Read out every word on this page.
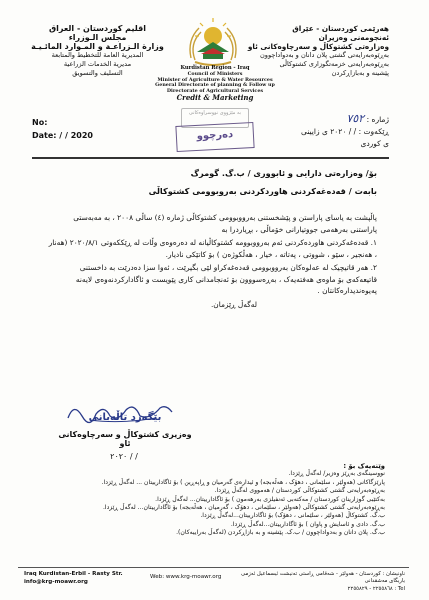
اقليم كوردستان - العراق
مجلس الـوزراء
وزارة الـزراعـة و المـوارد المائـيـة
المديرية العامة للتخطيط والمتابعة
مديرية الخدمات الزراعية
التسليف والتسويق
Kurdistan Region - Iraq
Council of Ministers
Minister of Agriculture & Water Resources
General Directorate of planning & Follow up
Directorate of Agricultural Services
Credit & Marketing
هەرێمی کوردستان - عێراق
ئەنجومەنی وەزیران
وەزارەتی کشتوکاڵ و سەرچاوەکانی ئاو
بەڕێوەبەرایەتی گشتی پلان دانان و بەدواداچوون
بەڕێوەبەرایەتی خزمەتگوزاری کشتوکاڵی
پێشینە و بەبازاڕکردن
No:
Date: / / 2020
بە مێژووی نووسراوەکانی
دەرچوو
ژمارە : ٧٥٢
ڕێکەوت : / / ٢٠٢٠ ی زایینی
ی کوردی
بۆ/ وەزارەتی دارایی و ئابووری / ب.گ. گومرگ
بابەت / قەدەغەکردنی هاوردکردنی بەروبوومی کشتوکاڵی

پاڵپشت بە یاسای پاراستن و پێشخستنی بەرووبوومی کشتوکاڵی ژمارە (٤) ساڵی ٢٠٠٨ ، بە مەبەستی پاراستنی بەرهەمی جووتیارانی خۆماڵی ، بڕیاردرا بە

١. قەدەغەکردنی هاوردەکردنی ئەم بەرووبوومە کشتوکاڵیانە لە دەرەوەی وڵات لە ڕێککەوتی ٢٠٢٠/٨/١ (هەنار ، هەنجیر ، سێو ، شووتی ، پەتاتە ، خیار ، هەڵکوژەن ) بۆ کاتێکی نادیار.

٢. هەر قاتیچیک لە عەلوەکان بەرووبوومی قەدەغەکراو لێی بگیرێت ، ئەوا سزا دەدرێت بە داخستنی قاتیعەکەی بۆ ماوەی هەفتەیەک ، بەڕەسووون بۆ ئەنجامدانی کاری پێویست و ئاگادارکردنەوەی لایەنە پەیوەندیدارەکانتان .

لەگەڵ ڕێزمان.

بێگەرد تاڵەبانی
وەزیری کشتوکاڵ و سەرچاوەکانی ئاو
/ / ٢٠٢٠
وێنەیەک بۆ :
نووسینگەی بەڕێز وەزیر/ لەگەڵ ڕێزدا.
پارێزگاکانی (هەولێر ، سلێمانی ، دهۆک ، هەڵەبجە) و ئیدارەی گەرمیان و ڕاپەڕین ) بۆ ئاگادارییتان ... لەگەڵ ڕێزدا.
بەڕێوەبەرایەتی گشتی کشتوکاڵی کوردستان / هەمووی لەگەڵ ڕێزدا.
بەکتێبی گوزارینان کوردستان / مەکتەبی ئەنفیلزی بەرهەمون ) بۆ ئاگادارییتان... لەگەڵ ڕێزدا.
بەڕێوەبەرایەتی گشتی کشتوکاڵی (هەولێر ، سلێمانی ، دهۆک ، گەرمیان ، هەڵەبجە) بۆ ئاگادارییتان... لەگەڵ ڕێزدا.
ب.گ. کشتوکاڵ (هەولێر ، سلێمانی ، دهۆک) بۆ ئاگادارییتان...لەگەڵ ڕێزدا.
ب.گ. دادی و ئاسایش و پاوان ) بۆ ئاگادارییتان...لەگەڵ ڕێزدا.
ب.گ. پلان دانان و بەدواداچوون / ب.ک. پێشینە و بە بازاڕکردن (لەگەڵ بەراییەکان).
Iraq Kurdistan-Erbil - Rasty Str.
info@krg-moawr.org
Web: www.krg-moawr.org	ناونیشان : کوردستان - هەولێر - شەقامی ڕاستی تەنیشت ئیسماعیل ئەزمی یاریگای مەشقدانی
Tel : ٢٢٥٥٨٦٨ - ٢٢٥٥٨٢٩
